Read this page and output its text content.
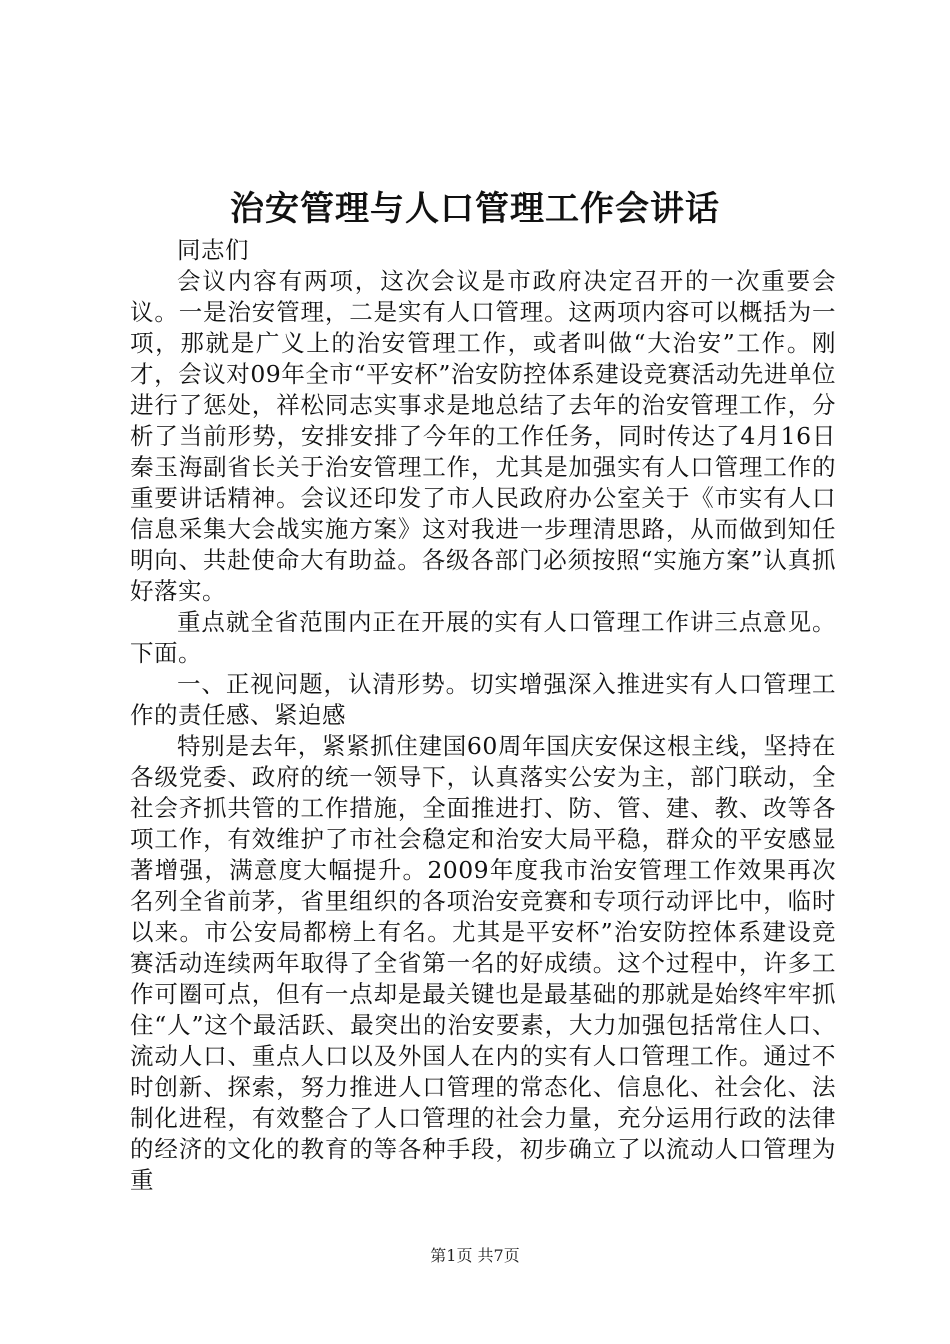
治安管理与人口管理工作会讲话

同志们

会议内容有两项，这次会议是市政府决定召开的一次重要会议。一是治安管理，二是实有人口管理。这两项内容可以概括为一项，那就是广义上的治安管理工作，或者叫做“大治安”工作。刚才，会议对09年全市“平安杯”治安防控体系建设竞赛活动先进单位进行了惩处，祥松同志实事求是地总结了去年的治安管理工作，分析了当前形势，安排安排了今年的工作任务，同时传达了4月16日秦玉海副省长关于治安管理工作，尤其是加强实有人口管理工作的重要讲话精神。会议还印发了市人民政府办公室关于《市实有人口信息采集大会战实施方案》这对我进一步理清思路，从而做到知任明向、共赴使命大有助益。各级各部门必须按照“实施方案”认真抓好落实。

重点就全省范围内正在开展的实有人口管理工作讲三点意见。下面。

一、正视问题，认清形势。切实增强深入推进实有人口管理工作的责任感、紧迫感

特别是去年，紧紧抓住建国60周年国庆安保这根主线，坚持在各级党委、政府的统一领导下，认真落实公安为主，部门联动，全社会齐抓共管的工作措施，全面推进打、防、管、建、教、改等各项工作，有效维护了市社会稳定和治安大局平稳，群众的平安感显著增强，满意度大幅提升。2009年度我市治安管理工作效果再次名列全省前茅，省里组织的各项治安竞赛和专项行动评比中，临时以来。市公安局都榜上有名。尤其是平安杯”治安防控体系建设竞赛活动连续两年取得了全省第一名的好成绩。这个过程中，许多工作可圈可点，但有一点却是最关键也是最基础的那就是始终牢牢抓住“人”这个最活跃、最突出的治安要素，大力加强包括常住人口、流动人口、重点人口以及外国人在内的实有人口管理工作。通过不时创新、探索，努力推进人口管理的常态化、信息化、社会化、法制化进程，有效整合了人口管理的社会力量，充分运用行政的法律的经济的文化的教育的等各种手段，初步确立了以流动人口管理为重

第1页 共7页
